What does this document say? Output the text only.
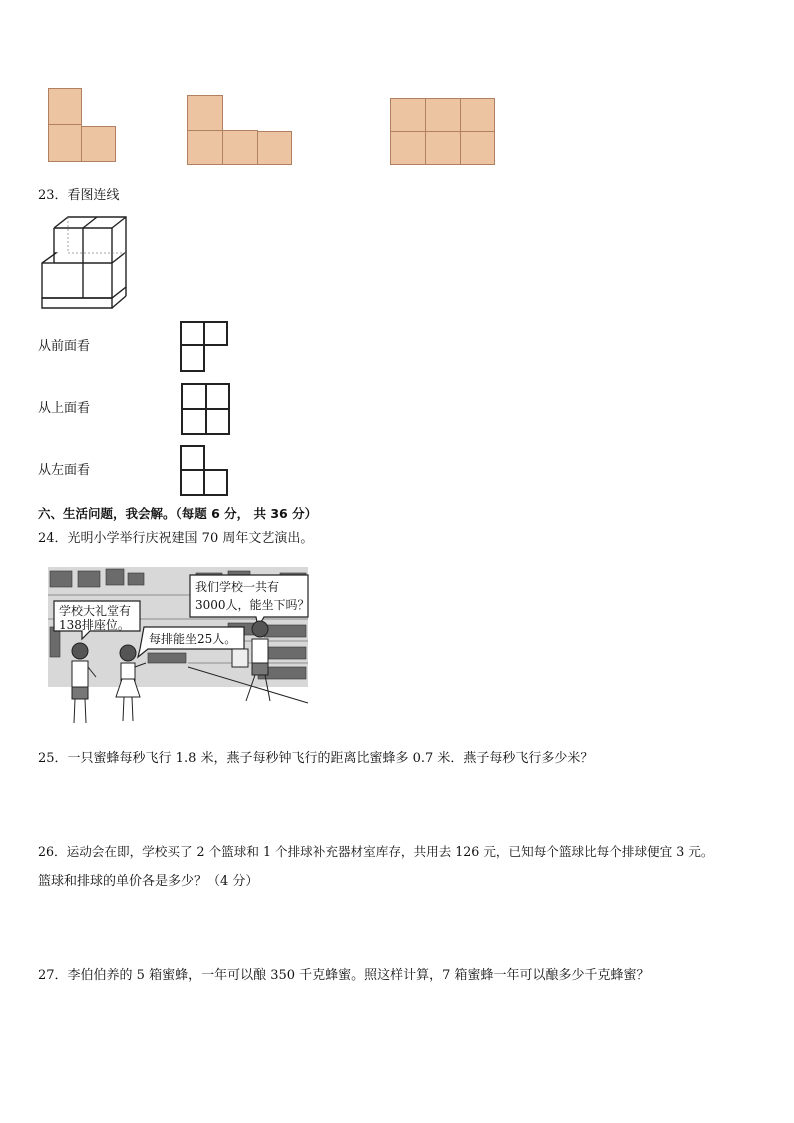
23．看图连线
从前面看
从上面看
从左面看
六、生活问题，我会解。（每题 6 分， 共 36 分）
24．光明小学举行庆祝建国 70 周年文艺演出。
学校大礼堂有
138排座位。
每排能坐25人。
我们学校一共有
3000人，能坐下吗？
25．一只蜜蜂每秒飞行 1.8 米，燕子每秒钟飞行的距离比蜜蜂多 0.7 米．燕子每秒飞行多少米？
26．运动会在即，学校买了 2 个篮球和 1 个排球补充器材室库存，共用去 126 元，已知每个篮球比每个排球便宜 3 元。
篮球和排球的单价各是多少？（4 分）
27．李伯伯养的 5 箱蜜蜂，一年可以酿 350 千克蜂蜜。照这样计算，7 箱蜜蜂一年可以酿多少千克蜂蜜？
